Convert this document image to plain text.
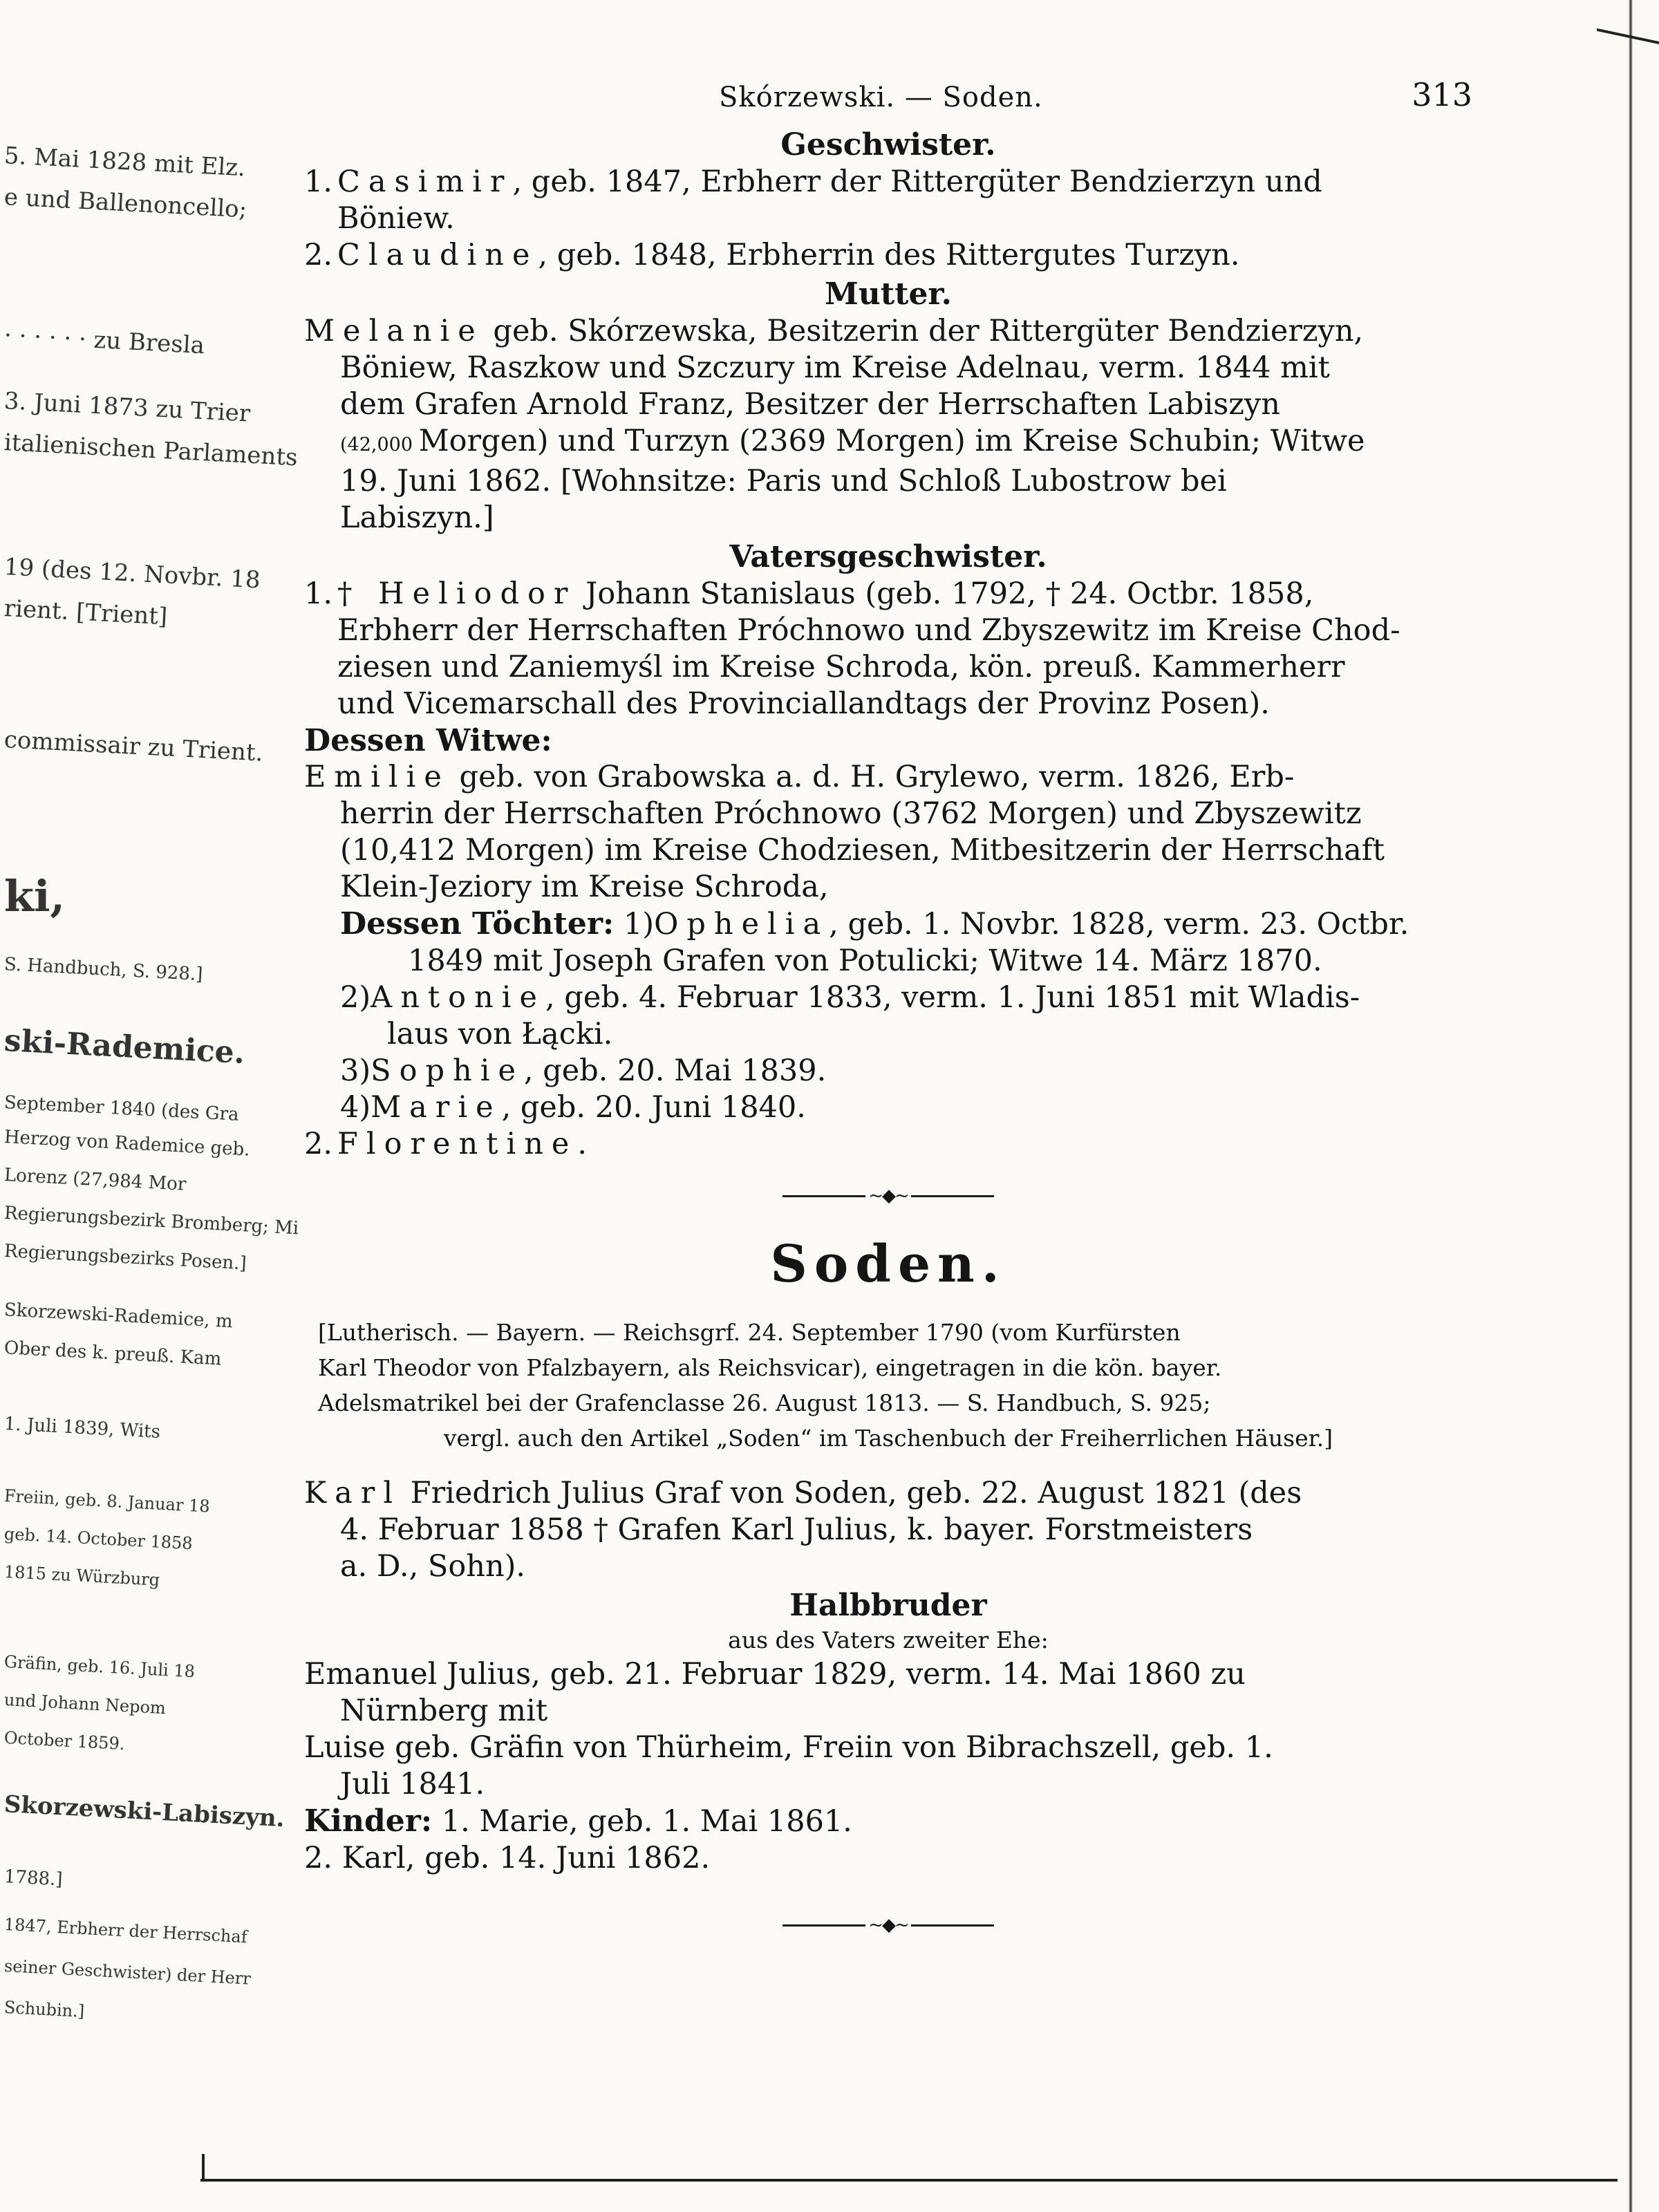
5. Mai 1828 mit Elz.
e und Ballenoncello;
· · · · · · zu Bresla
3. Juni 1873 zu Trier
italienischen Parlaments
19 (des 12. Novbr. 18
rient. [Trient]
commissair zu Trient.
ki,
S. Handbuch, S. 928.]
ski-Rademice.
September 1840 (des Gra
Herzog von Rademice geb.
Lorenz (27,984 Mor
Regierungsbezirk Bromberg; Mi
Regierungsbezirks Posen.]
Skorzewski-Rademice, m
Ober des k. preuß. Kam
1. Juli 1839, Wits
Freiin, geb. 8. Januar 18
geb. 14. October 1858
1815 zu Würzburg
Gräfin, geb. 16. Juli 18
und Johann Nepom
October 1859.
Skorzewski-Labiszyn.
1788.]
1847, Erbherr der Herrschaf
seiner Geschwister) der Herr
Schubin.]
Skórzewski. — Soden.	313
Geschwister.
1. Casimir, geb. 1847, Erbherr der Rittergüter Bendzierzyn und
Böniew.
2. Claudine, geb. 1848, Erbherrin des Rittergutes Turzyn.
Mutter.
Melanie geb. Skórzewska, Besitzerin der Rittergüter Bendzierzyn,
Böniew, Raszkow und Szczury im Kreise Adelnau, verm. 1844 mit
dem Grafen Arnold Franz, Besitzer der Herrschaften Labiszyn
(42,000 Morgen) und Turzyn (2369 Morgen) im Kreise Schubin; Witwe
19. Juni 1862. [Wohnsitze: Paris und Schloß Lubostrow bei
Labiszyn.]
Vatersgeschwister.
1. † Heliodor Johann Stanislaus (geb. 1792, † 24. Octbr. 1858,
Erbherr der Herrschaften Próchnowo und Zbyszewitz im Kreise Chod-
ziesen und Zaniemyśl im Kreise Schroda, kön. preuß. Kammerherr
und Vicemarschall des Provinciallandtags der Provinz Posen).
Dessen Witwe:
Emilie geb. von Grabowska a. d. H. Grylewo, verm. 1826, Erb-
herrin der Herrschaften Próchnowo (3762 Morgen) und Zbyszewitz
(10,412 Morgen) im Kreise Chodziesen, Mitbesitzerin der Herrschaft
Klein-Jeziory im Kreise Schroda,
Dessen Töchter: 1)Ophelia, geb. 1. Novbr. 1828, verm. 23. Octbr.
1849 mit Joseph Grafen von Potulicki; Witwe 14. März 1870.
2)Antonie, geb. 4. Februar 1833, verm. 1. Juni 1851 mit Wladis-
laus von Łącki.
3)Sophie, geb. 20. Mai 1839.
4)Marie, geb. 20. Juni 1840.
2. Florentine.
~◆~
Soden.
[Lutherisch. — Bayern. — Reichsgrf. 24. September 1790 (vom Kurfürsten
Karl Theodor von Pfalzbayern, als Reichsvicar), eingetragen in die kön. bayer.
Adelsmatrikel bei der Grafenclasse 26. August 1813. — S. Handbuch, S. 925;
vergl. auch den Artikel „Soden“ im Taschenbuch der Freiherrlichen Häuser.]
Karl Friedrich Julius Graf von Soden, geb. 22. August 1821 (des
4. Februar 1858 † Grafen Karl Julius, k. bayer. Forstmeisters
a. D., Sohn).
Halbbruder
aus des Vaters zweiter Ehe:
Emanuel Julius, geb. 21. Februar 1829, verm. 14. Mai 1860 zu
Nürnberg mit
Luise geb. Gräfin von Thürheim, Freiin von Bibrachszell, geb. 1.
Juli 1841.
Kinder: 1. Marie, geb. 1. Mai 1861.
2. Karl, geb. 14. Juni 1862.
~◆~
